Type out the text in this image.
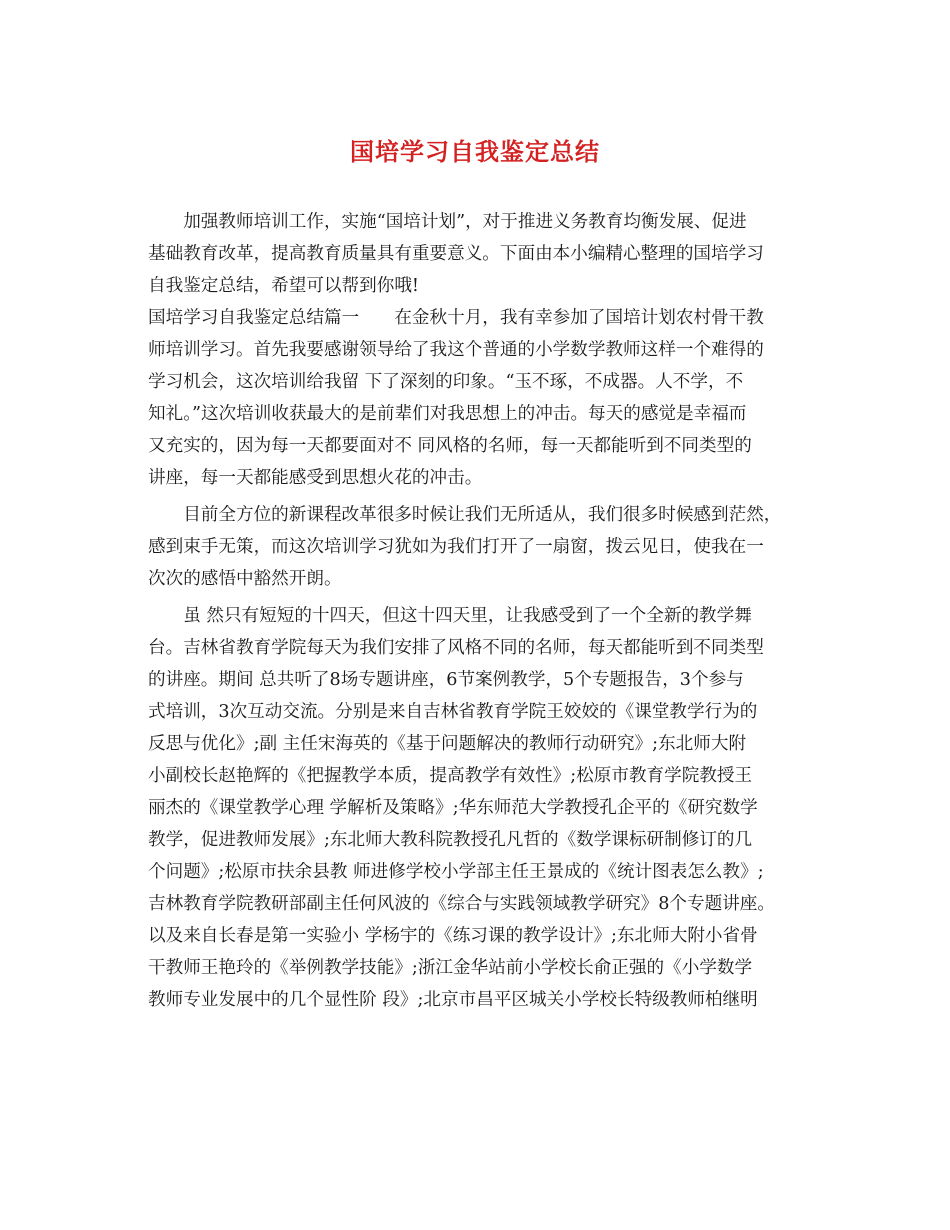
国培学习自我鉴定总结
　　加强教师培训工作，实施“国培计划”，对于推进义务教育均衡发展、促进
基础教育改革，提高教育质量具有重要意义。下面由本小编精心整理的国培学习
自我鉴定总结，希望可以帮到你哦!
国培学习自我鉴定总结篇一　　在金秋十月，我有幸参加了国培计划农村骨干教
师培训学习。首先我要感谢领导给了我这个普通的小学数学教师这样一个难得的
学习机会，这次培训给我留 下了深刻的印象。“玉不琢，不成器。人不学，不
知礼。”这次培训收获最大的是前辈们对我思想上的冲击。每天的感觉是幸福而
又充实的，因为每一天都要面对不 同风格的名师，每一天都能听到不同类型的
讲座，每一天都能感受到思想火花的冲击。
　　目前全方位的新课程改革很多时候让我们无所适从，我们很多时候感到茫然，
感到束手无策，而这次培训学习犹如为我们打开了一扇窗，拨云见日，使我在一
次次的感悟中豁然开朗。
　　虽 然只有短短的十四天，但这十四天里，让我感受到了一个全新的教学舞
台。吉林省教育学院每天为我们安排了风格不同的名师，每天都能听到不同类型
的讲座。期间 总共听了8场专题讲座，6节案例教学，5个专题报告，3个参与
式培训，3次互动交流。分别是来自吉林省教育学院王姣姣的《课堂教学行为的
反思与优化》;副 主任宋海英的《基于问题解决的教师行动研究》;东北师大附
小副校长赵艳辉的《把握教学本质，提高教学有效性》;松原市教育学院教授王
丽杰的《课堂教学心理 学解析及策略》;华东师范大学教授孔企平的《研究数学
教学，促进教师发展》;东北师大教科院教授孔凡哲的《数学课标研制修订的几
个问题》;松原市扶余县教 师进修学校小学部主任王景成的《统计图表怎么教》;
吉林教育学院教研部副主任何风波的《综合与实践领域教学研究》8个专题讲座。
以及来自长春是第一实验小 学杨宇的《练习课的教学设计》;东北师大附小省骨
干教师王艳玲的《举例教学技能》;浙江金华站前小学校长俞正强的《小学数学
教师专业发展中的几个显性阶 段》;北京市昌平区城关小学校长特级教师柏继明
